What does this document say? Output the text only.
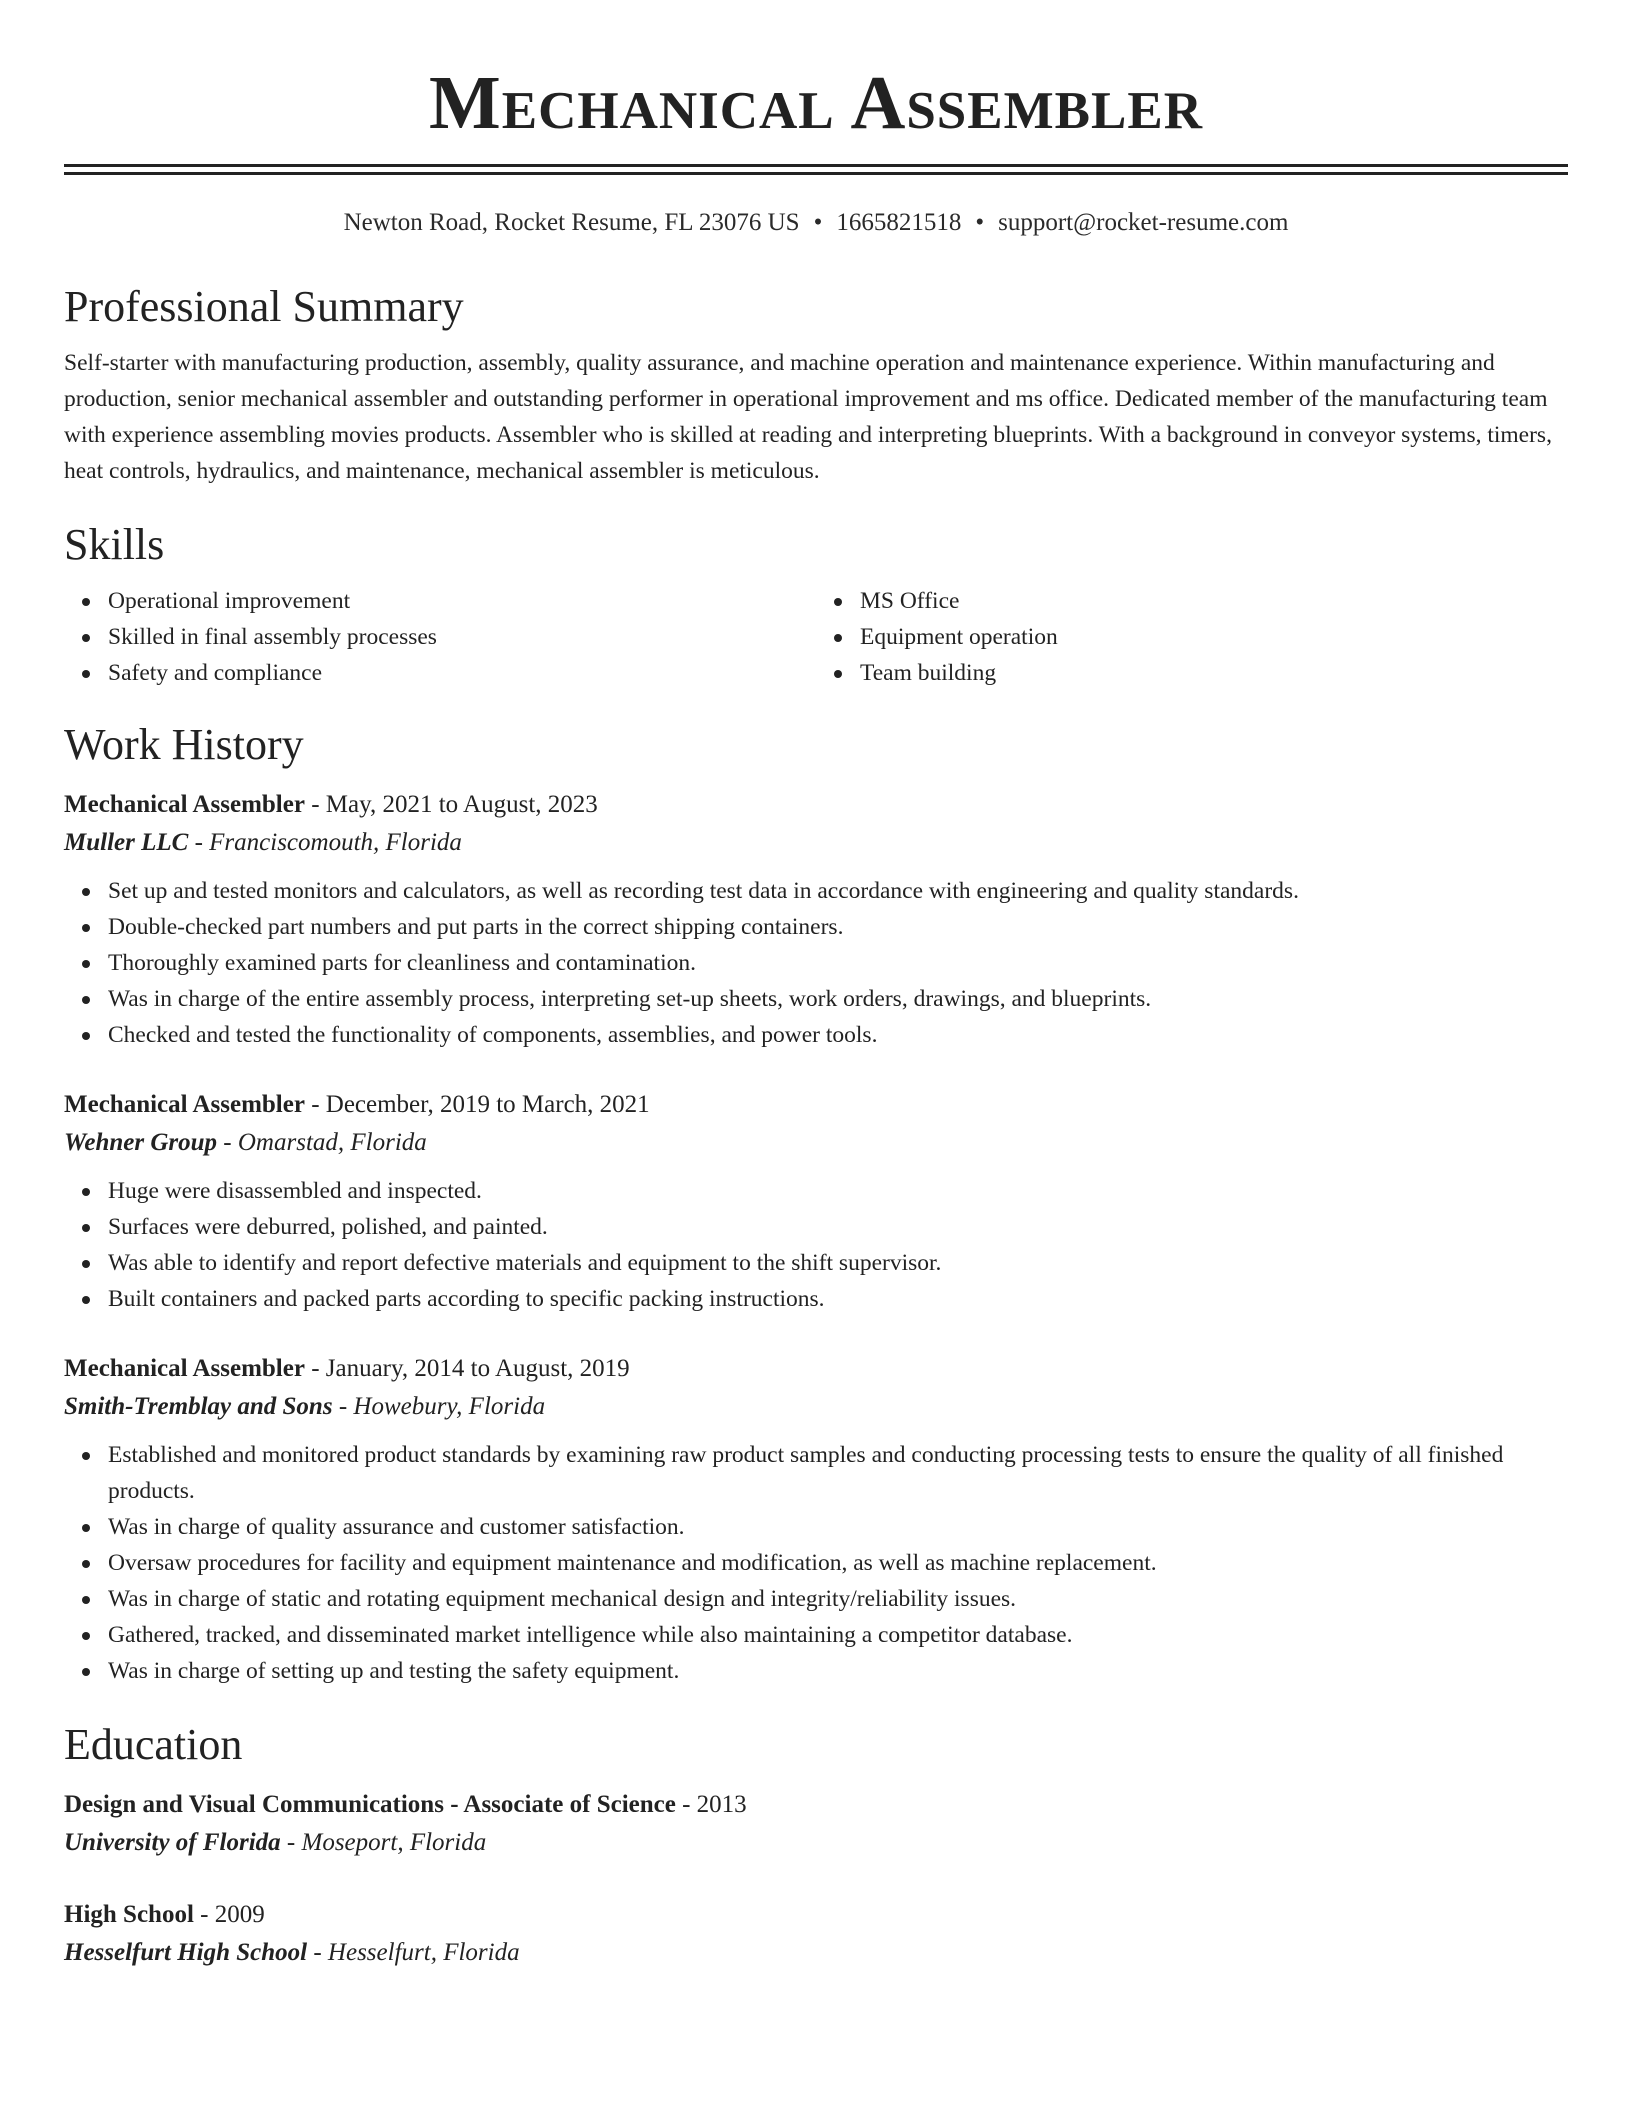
Mechanical Assembler
Newton Road, Rocket Resume, FL 23076 US • 1665821518 • support@rocket-resume.com
Professional Summary
Self-starter with manufacturing production, assembly, quality assurance, and machine operation and maintenance experience. Within manufacturing and production, senior mechanical assembler and outstanding performer in operational improvement and ms office. Dedicated member of the manufacturing team with experience assembling movies products. Assembler who is skilled at reading and interpreting blueprints. With a background in conveyor systems, timers, heat controls, hydraulics, and maintenance, mechanical assembler is meticulous.
Skills
Operational improvement
Skilled in final assembly processes
Safety and compliance
MS Office
Equipment operation
Team building
Work History
Mechanical Assembler - May, 2021 to August, 2023
Muller LLC - Franciscomouth, Florida
Set up and tested monitors and calculators, as well as recording test data in accordance with engineering and quality standards.
Double-checked part numbers and put parts in the correct shipping containers.
Thoroughly examined parts for cleanliness and contamination.
Was in charge of the entire assembly process, interpreting set-up sheets, work orders, drawings, and blueprints.
Checked and tested the functionality of components, assemblies, and power tools.
Mechanical Assembler - December, 2019 to March, 2021
Wehner Group - Omarstad, Florida
Huge were disassembled and inspected.
Surfaces were deburred, polished, and painted.
Was able to identify and report defective materials and equipment to the shift supervisor.
Built containers and packed parts according to specific packing instructions.
Mechanical Assembler - January, 2014 to August, 2019
Smith-Tremblay and Sons - Howebury, Florida
Established and monitored product standards by examining raw product samples and conducting processing tests to ensure the quality of all finished products.
Was in charge of quality assurance and customer satisfaction.
Oversaw procedures for facility and equipment maintenance and modification, as well as machine replacement.
Was in charge of static and rotating equipment mechanical design and integrity/reliability issues.
Gathered, tracked, and disseminated market intelligence while also maintaining a competitor database.
Was in charge of setting up and testing the safety equipment.
Education
Design and Visual Communications - Associate of Science - 2013
University of Florida - Moseport, Florida
High School - 2009
Hesselfurt High School - Hesselfurt, Florida
